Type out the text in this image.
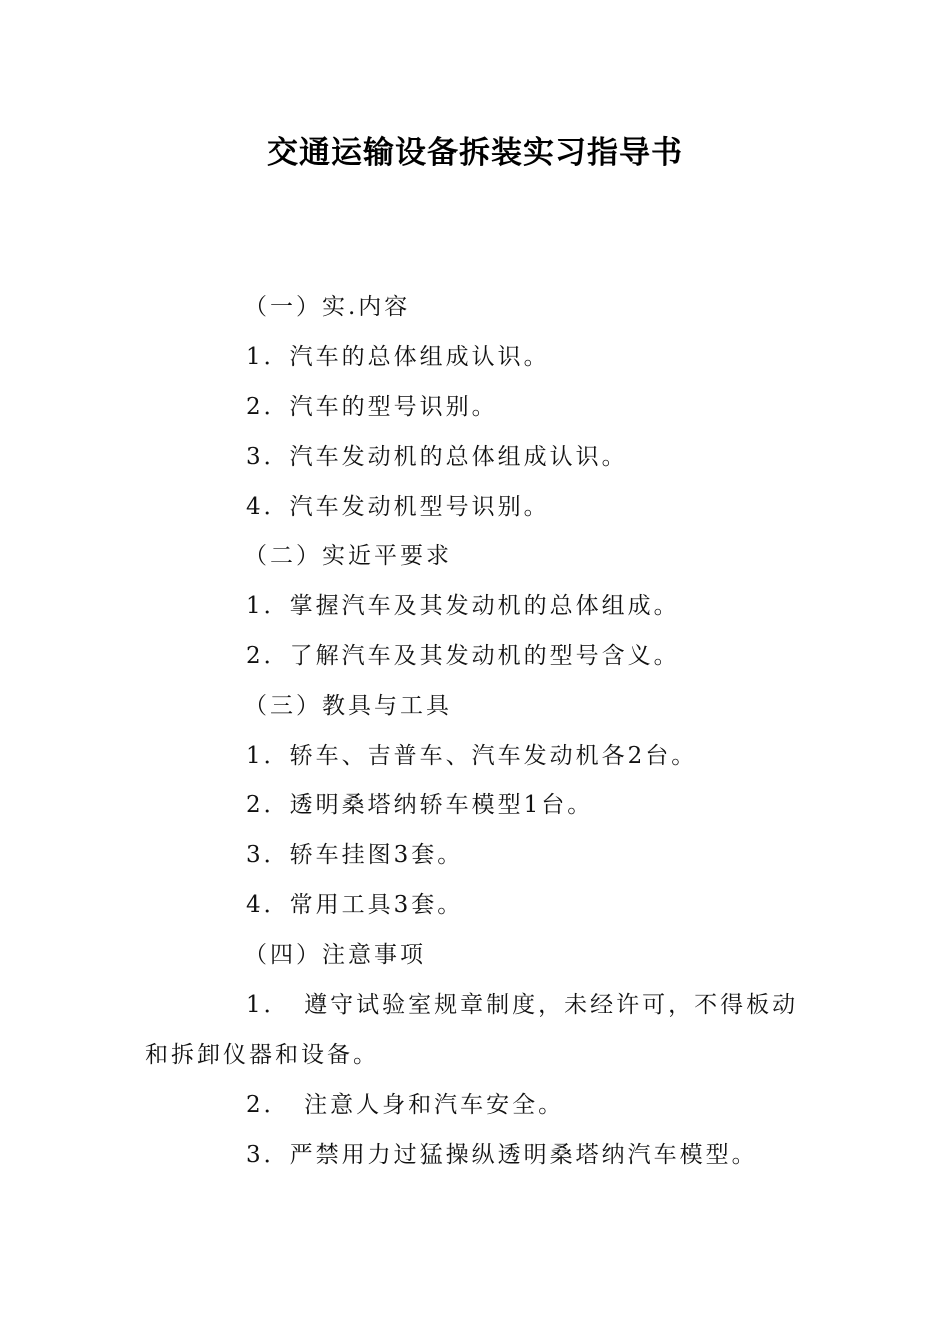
交通运输设备拆装实习指导书
（一）实.内容
1．汽车的总体组成认识。
2．汽车的型号识别。
3．汽车发动机的总体组成认识。
4．汽车发动机型号识别。
（二）实近平要求
1．掌握汽车及其发动机的总体组成。
2．了解汽车及其发动机的型号含义。
（三）教具与工具
1．轿车、吉普车、汽车发动机各2台。
2．透明桑塔纳轿车模型1台。
3．轿车挂图3套。
4．常用工具3套。
（四）注意事项
1．　遵守试验室规章制度，未经许可，不得板动
和拆卸仪器和设备。
2．　注意人身和汽车安全。
3．严禁用力过猛操纵透明桑塔纳汽车模型。
